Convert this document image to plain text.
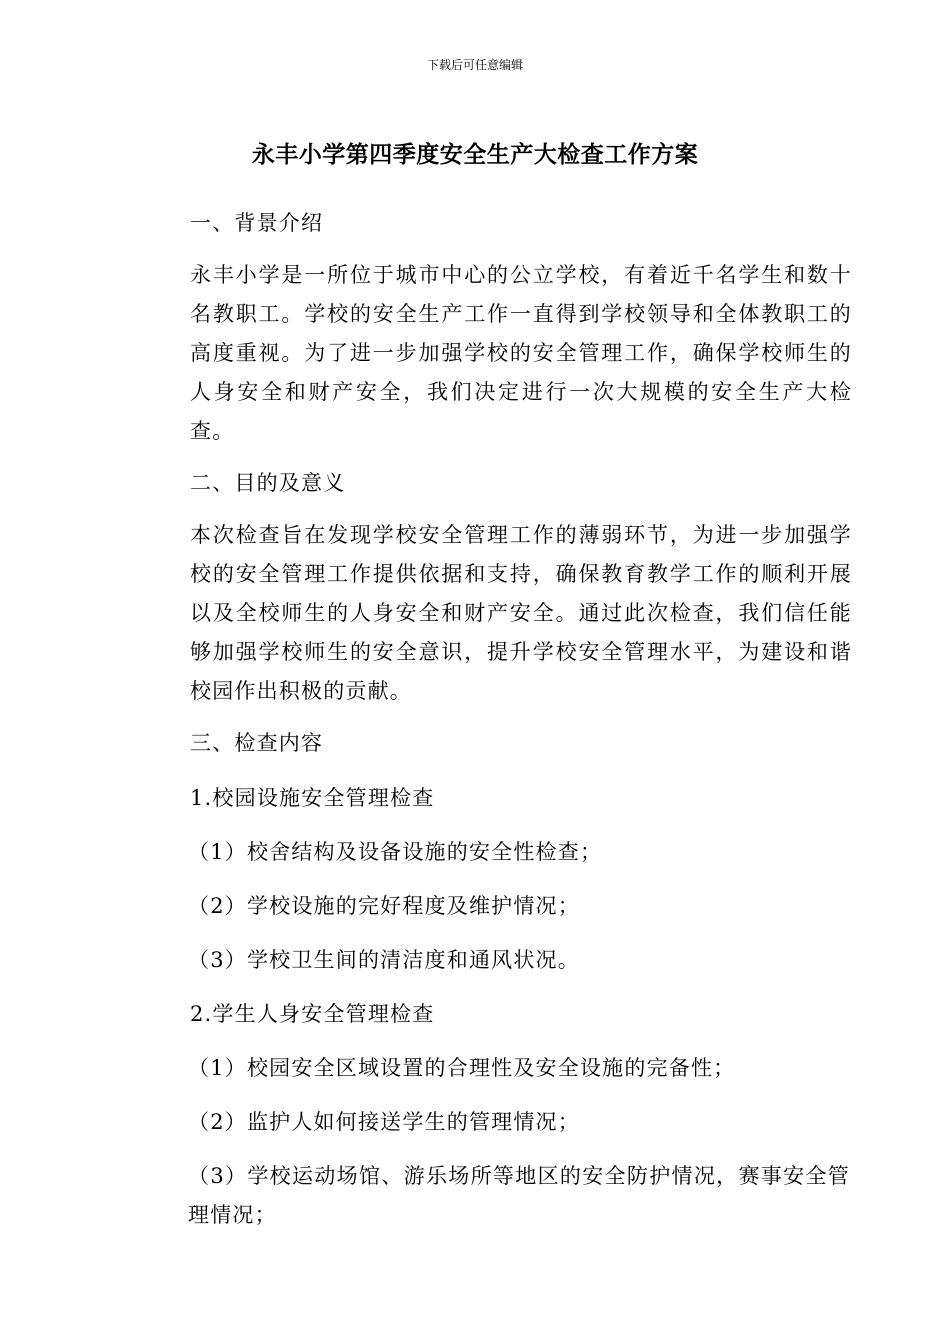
下载后可任意编辑
永丰小学第四季度安全生产大检查工作方案
一、背景介绍
永丰小学是一所位于城市中心的公立学校，有着近千名学生和数十名教职工。学校的安全生产工作一直得到学校领导和全体教职工的高度重视。为了进一步加强学校的安全管理工作，确保学校师生的人身安全和财产安全，我们决定进行一次大规模的安全生产大检查。
二、目的及意义
本次检查旨在发现学校安全管理工作的薄弱环节，为进一步加强学校的安全管理工作提供依据和支持，确保教育教学工作的顺利开展以及全校师生的人身安全和财产安全。通过此次检查，我们信任能够加强学校师生的安全意识，提升学校安全管理水平，为建设和谐校园作出积极的贡献。
三、检查内容
1.校园设施安全管理检查
（1）校舍结构及设备设施的安全性检查；
（2）学校设施的完好程度及维护情况；
（3）学校卫生间的清洁度和通风状况。
2.学生人身安全管理检查
（1）校园安全区域设置的合理性及安全设施的完备性；
（2）监护人如何接送学生的管理情况；
（3）学校运动场馆、游乐场所等地区的安全防护情况，赛事安全管理情况；
